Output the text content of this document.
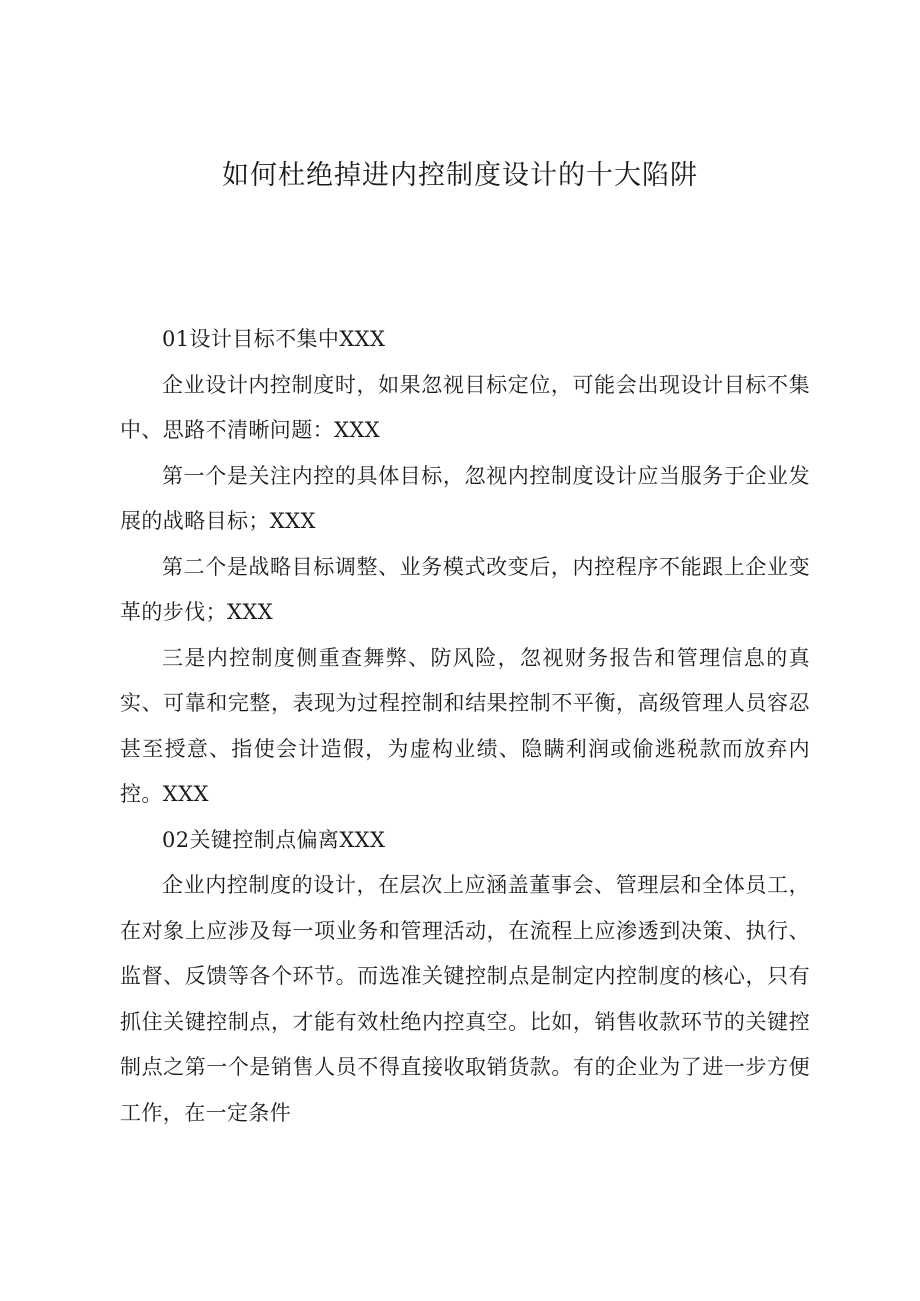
如何杜绝掉进内控制度设计的十大陷阱

01设计目标不集中XXX

企业设计内控制度时，如果忽视目标定位，可能会出现设计目标不集中、思路不清晰问题：XXX

第一个是关注内控的具体目标，忽视内控制度设计应当服务于企业发展的战略目标；XXX

第二个是战略目标调整、业务模式改变后，内控程序不能跟上企业变革的步伐；XXX

三是内控制度侧重查舞弊、防风险，忽视财务报告和管理信息的真实、可靠和完整，表现为过程控制和结果控制不平衡，高级管理人员容忍甚至授意、指使会计造假，为虚构业绩、隐瞒利润或偷逃税款而放弃内控。XXX

02关键控制点偏离XXX

企业内控制度的设计，在层次上应涵盖董事会、管理层和全体员工，在对象上应涉及每一项业务和管理活动，在流程上应渗透到决策、执行、监督、反馈等各个环节。而选准关键控制点是制定内控制度的核心，只有抓住关键控制点，才能有效杜绝内控真空。比如，销售收款环节的关键控制点之第一个是销售人员不得直接收取销货款。有的企业为了进一步方便工作，在一定条件
